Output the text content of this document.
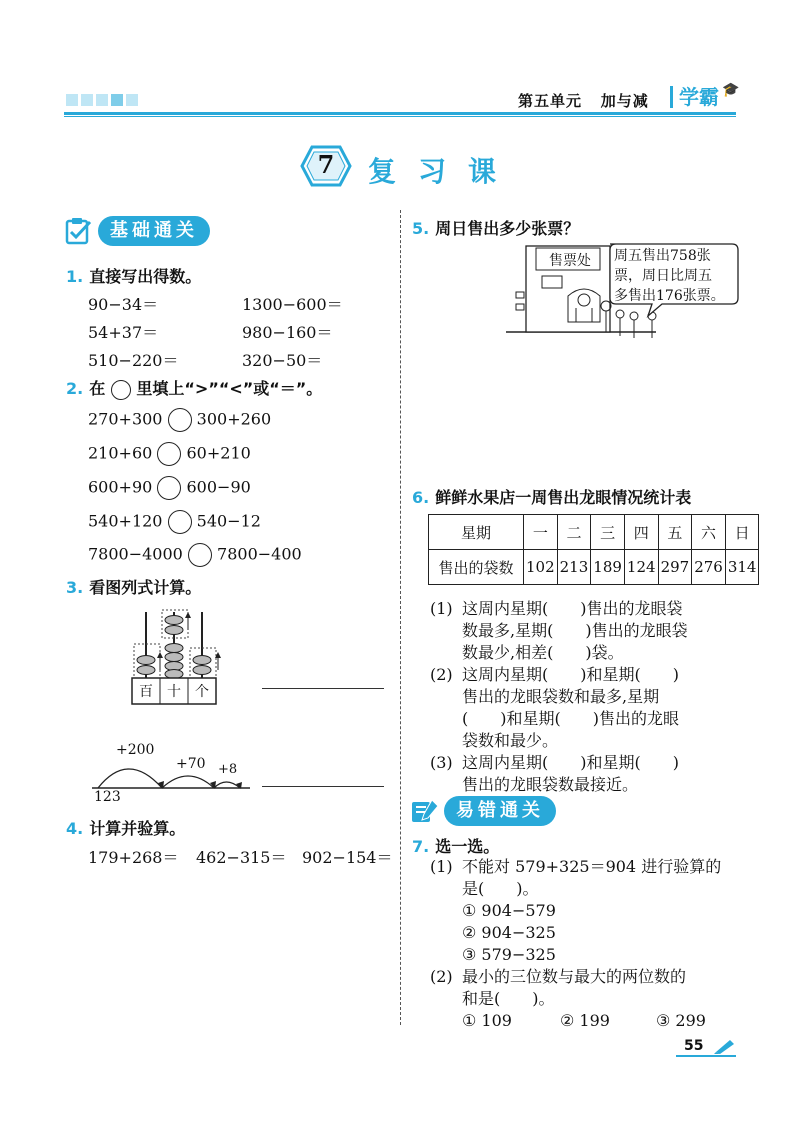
第五单元 加与减	学霸 🎓
7	复习课
基础通关
1. 直接写出得数。
90−34＝	1300−600＝
54+37＝	980−160＝
510−220＝	320−50＝
2. 在 里填上“>”“<”或“＝”。
270+300 300+260
210+60 60+210
600+90 600−90
540+120 540−12
7800−4000 7800−400
3. 看图列式计算。
百	十	个
+200
+70 +8
123
4. 计算并验算。
179+268＝ 462−315＝ 902−154＝
5. 周日售出多少张票？
售票处	周五售出758张
票，周日比周五
多售出176张票。
6. 鲜鲜水果店一周售出龙眼情况统计表
星期	一	二	三	四	五	六	日
售出的袋数	102	213	189	124	297	276	314
(1) 这周内星期(　　)售出的龙眼袋
数最多,星期(　　)售出的龙眼袋
数最少,相差(　　)袋。
(2) 这周内星期(　　)和星期(　　)
售出的龙眼袋数和最多,星期
(　　)和星期(　　)售出的龙眼
袋数和最少。
(3) 这周内星期(　　)和星期(　　)
售出的龙眼袋数最接近。
易错通关
7. 选一选。
(1) 不能对 579+325＝904 进行验算的
是(　　)。
① 904−579
② 904−325
③ 579−325
(2) 最小的三位数与最大的两位数的
和是(　　)。
① 109	② 199	③ 299
55
